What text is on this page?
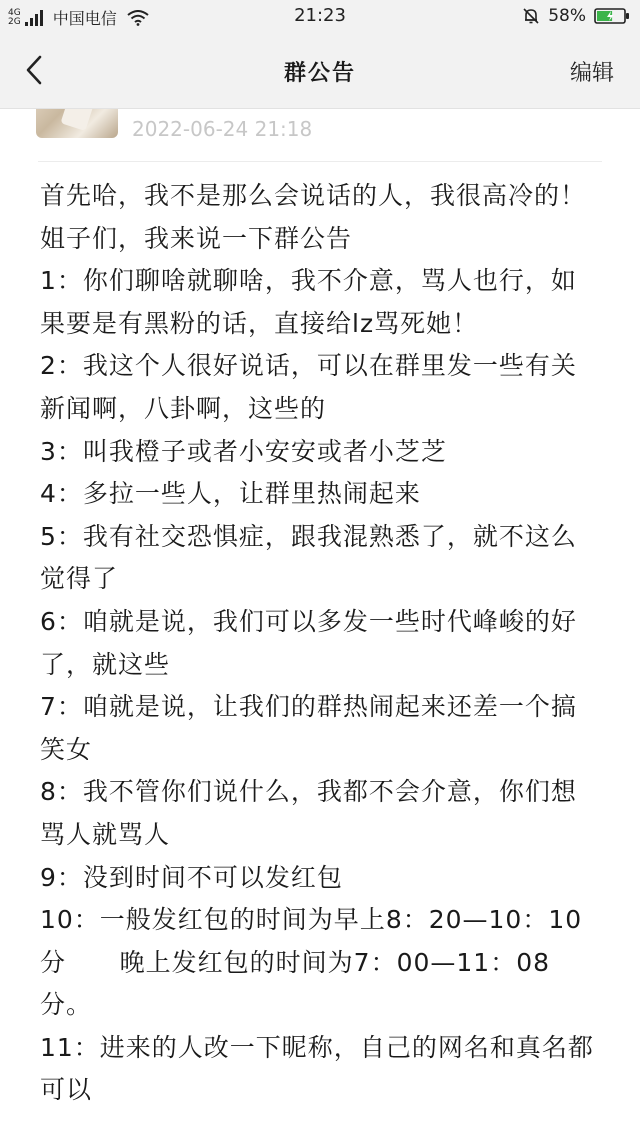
4G
2G 中国电信	21:23	58%
群公告	编辑
2022-06-24 21:18
首先哈，我不是那么会说话的人，我很高冷的！
姐子们，我来说一下群公告
1：你们聊啥就聊啥，我不介意，骂人也行，如果要是有黑粉的话，直接给lz骂死她！
2：我这个人很好说话，可以在群里发一些有关新闻啊，八卦啊，这些的
3：叫我橙子或者小安安或者小芝芝
4：多拉一些人，让群里热闹起来
5：我有社交恐惧症，跟我混熟悉了，就不这么觉得了
6：咱就是说，我们可以多发一些时代峰峻的好了，就这些
7：咱就是说，让我们的群热闹起来还差一个搞笑女
8：我不管你们说什么，我都不会介意，你们想骂人就骂人
9：没到时间不可以发红包
10：一般发红包的时间为早上8：20—10：10分      晚上发红包的时间为7：00—11：08分。
11：进来的人改一下昵称，自己的网名和真名都可以
